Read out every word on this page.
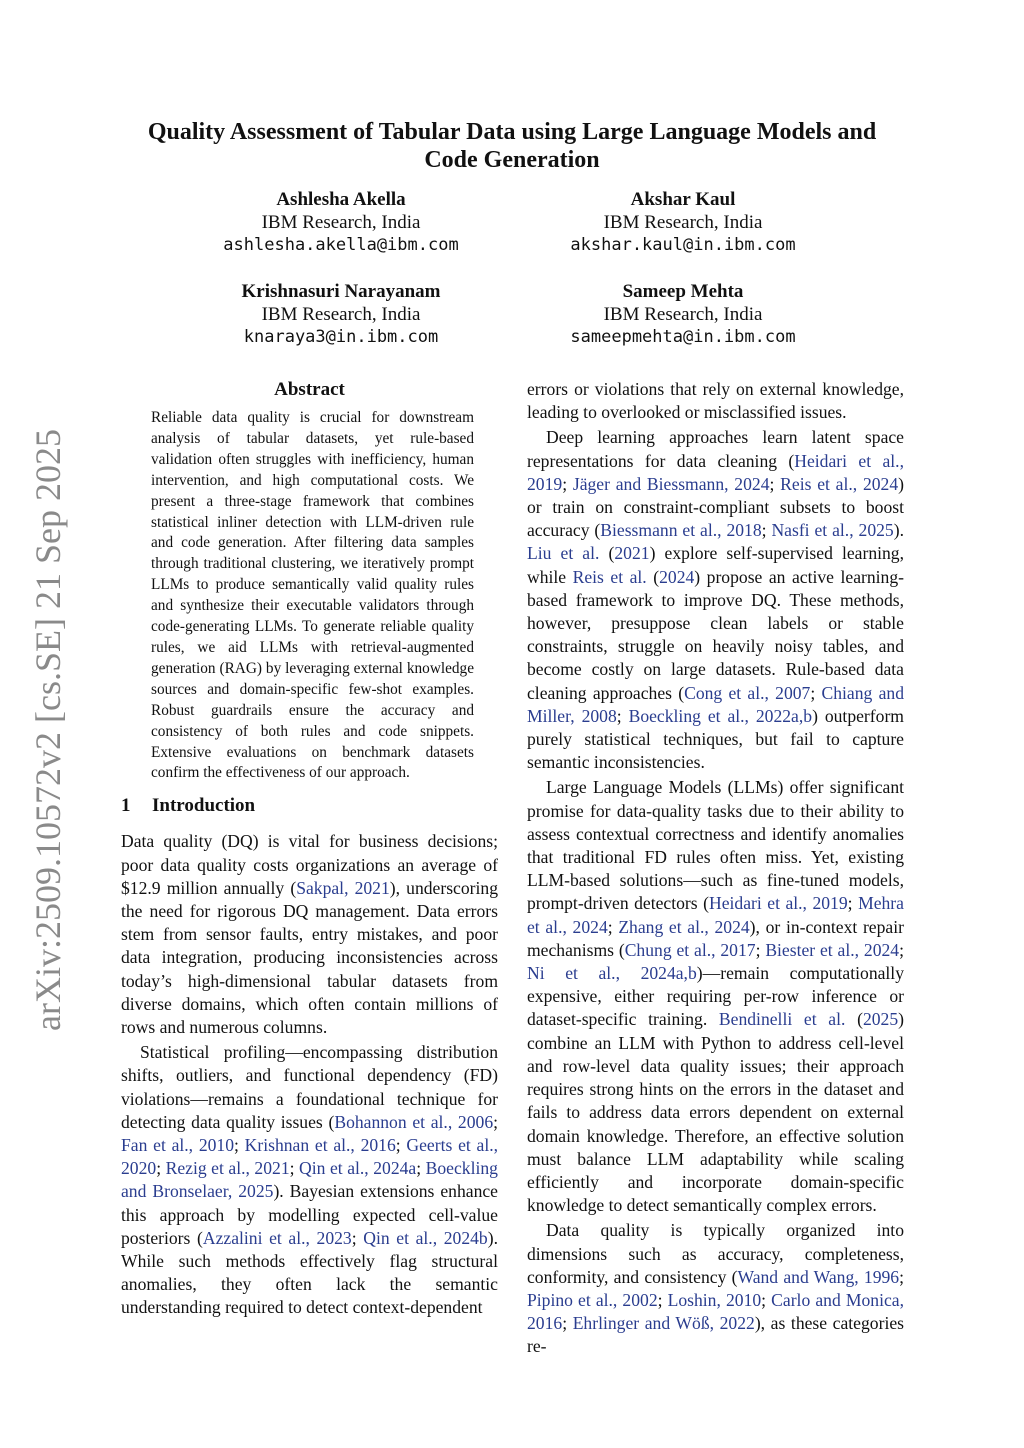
arXiv:2509.10572v2 [cs.SE] 21 Sep 2025
Quality Assessment of Tabular Data using Large Language Models and
Code Generation
Ashlesha Akella
IBM Research, India
ashlesha.akella@ibm.com
Akshar Kaul
IBM Research, India
akshar.kaul@in.ibm.com
Krishnasuri Narayanam
IBM Research, India
knaraya3@in.ibm.com
Sameep Mehta
IBM Research, India
sameepmehta@in.ibm.com
Abstract
Reliable data quality is crucial for downstream analysis of tabular datasets, yet rule-based validation often struggles with inefficiency, human intervention, and high computational costs. We present a three-stage framework that combines statistical inliner detection with LLM-driven rule and code generation. After filtering data samples through traditional clustering, we iteratively prompt LLMs to produce semantically valid quality rules and synthesize their executable validators through code-generating LLMs. To generate reliable quality rules, we aid LLMs with retrieval-augmented generation (RAG) by leveraging external knowledge sources and domain-specific few-shot examples. Robust guardrails ensure the accuracy and consistency of both rules and code snippets. Extensive evaluations on benchmark datasets confirm the effectiveness of our approach.
1 Introduction

Data quality (DQ) is vital for business decisions; poor data quality costs organizations an average of $12.9 million annually (Sakpal, 2021), underscoring the need for rigorous DQ management. Data errors stem from sensor faults, entry mistakes, and poor data integration, producing inconsistencies across today’s high-dimensional tabular datasets from diverse domains, which often contain millions of rows and numerous columns.

Statistical profiling—encompassing distribution shifts, outliers, and functional dependency (FD) violations—remains a foundational technique for detecting data quality issues (Bohannon et al., 2006; Fan et al., 2010; Krishnan et al., 2016; Geerts et al., 2020; Rezig et al., 2021; Qin et al., 2024a; Boeckling and Bronselaer, 2025). Bayesian extensions enhance this approach by modelling expected cell-value posteriors (Azzalini et al., 2023; Qin et al., 2024b). While such methods effectively flag structural anomalies, they often lack the semantic understanding required to detect context-dependent

errors or violations that rely on external knowledge, leading to overlooked or misclassified issues.

Deep learning approaches learn latent space representations for data cleaning (Heidari et al., 2019; Jäger and Biessmann, 2024; Reis et al., 2024) or train on constraint-compliant subsets to boost accuracy (Biessmann et al., 2018; Nasfi et al., 2025). Liu et al. (2021) explore self-supervised learning, while Reis et al. (2024) propose an active learning-based framework to improve DQ. These methods, however, presuppose clean labels or stable constraints, struggle on heavily noisy tables, and become costly on large datasets. Rule-based data cleaning approaches (Cong et al., 2007; Chiang and Miller, 2008; Boeckling et al., 2022a,b) outperform purely statistical techniques, but fail to capture semantic inconsistencies.

Large Language Models (LLMs) offer significant promise for data-quality tasks due to their ability to assess contextual correctness and identify anomalies that traditional FD rules often miss. Yet, existing LLM-based solutions—such as fine-tuned models, prompt-driven detectors (Heidari et al., 2019; Mehra et al., 2024; Zhang et al., 2024), or in-context repair mechanisms (Chung et al., 2017; Biester et al., 2024; Ni et al., 2024a,b)—remain computationally expensive, either requiring per-row inference or dataset-specific training. Bendinelli et al. (2025) combine an LLM with Python to address cell-level and row-level data quality issues; their approach requires strong hints on the errors in the dataset and fails to address data errors dependent on external domain knowledge. Therefore, an effective solution must balance LLM adaptability while scaling efficiently and incorporate domain-specific knowledge to detect semantically complex errors.

Data quality is typically organized into dimensions such as accuracy, completeness, conformity, and consistency (Wand and Wang, 1996; Pipino et al., 2002; Loshin, 2010; Carlo and Monica, 2016; Ehrlinger and Wöß, 2022), as these categories re-
